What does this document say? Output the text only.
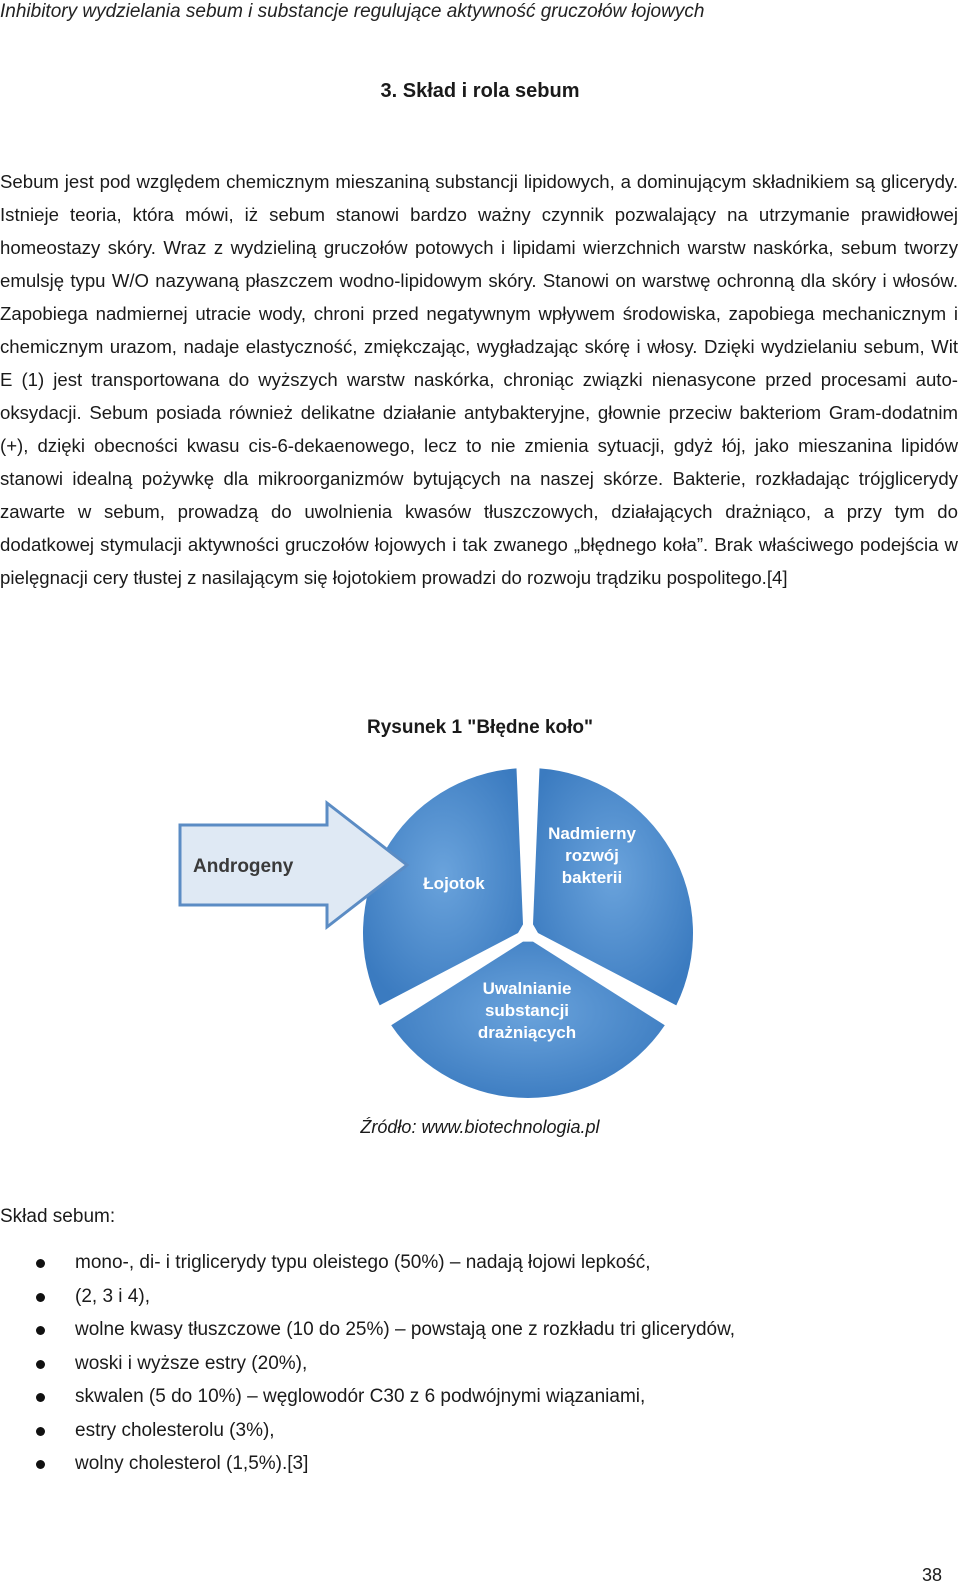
Inhibitory wydzielania sebum i substancje regulujące aktywność gruczołów łojowych
3. Skład i rola sebum

Sebum jest pod względem chemicznym mieszaniną substancji lipidowych, a dominującym składnikiem są glicerydy. Istnieje teoria, która mówi, iż sebum stanowi bardzo ważny czynnik pozwalający na utrzymanie prawidłowej homeostazy skóry. Wraz z wydzieliną gruczołów potowych i lipidami wierzchnich warstw naskórka, sebum tworzy emulsję typu W/O nazywaną płaszczem wodno-lipidowym skóry. Stanowi on warstwę ochronną dla skóry i włosów. Zapobiega nadmiernej utracie wody, chroni przed negatywnym wpływem środowiska, zapobiega mechanicznym i chemicznym urazom, nadaje elastyczność, zmiękczając, wygładzając skórę i włosy. Dzięki wydzielaniu sebum, Wit E (1) jest transportowana do wyższych warstw naskórka, chroniąc związki nienasycone przed procesami auto-oksydacji. Sebum posiada również delikatne działanie antybakteryjne, głownie przeciw bakteriom Gram-dodatnim (+), dzięki obecności kwasu cis-6-dekaenowego, lecz to nie zmienia sytuacji, gdyż łój, jako mieszanina lipidów stanowi idealną pożywkę dla mikroorganizmów bytujących na naszej skórze. Bakterie, rozkładając trójglicerydy zawarte w sebum, prowadzą do uwolnienia kwasów tłuszczowych, działających drażniąco, a przy tym do dodatkowej stymulacji aktywności gruczołów łojowych i tak zwanego „błędnego koła”. Brak właściwego podejścia w pielęgnacji cery tłustej z nasilającym się łojotokiem prowadzi do rozwoju trądziku pospolitego.[4]

Rysunek 1 "Błędne koło"
Androgeny
Łojotok
Nadmierny
rozwój
bakterii
Uwalnianie
substancji
drażniących
Źródło: www.biotechnologia.pl
Skład sebum:
mono-, di- i triglicerydy typu oleistego (50%) – nadają łojowi lepkość,
(2, 3 i 4),
wolne kwasy tłuszczowe (10 do 25%) – powstają one z rozkładu tri glicerydów,
woski i wyższe estry (20%),
skwalen (5 do 10%) – węglowodór C30 z 6 podwójnymi wiązaniami,
estry cholesterolu (3%),
wolny cholesterol (1,5%).[3]
38
